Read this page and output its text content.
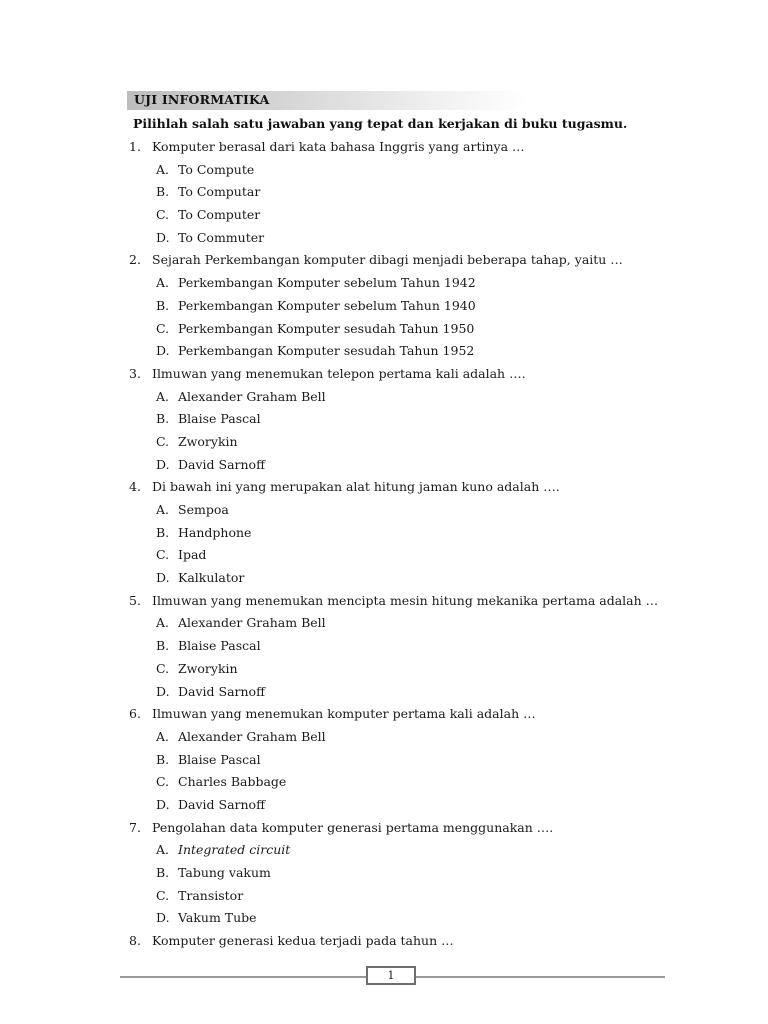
UJI INFORMATIKA
Pilihlah salah satu jawaban yang tepat dan kerjakan di buku tugasmu.
1. Komputer berasal dari kata bahasa Inggris yang artinya …
A. To Compute
B. To Computar
C. To Computer
D. To Commuter
2. Sejarah Perkembangan komputer dibagi menjadi beberapa tahap, yaitu …
A. Perkembangan Komputer sebelum Tahun 1942
B. Perkembangan Komputer sebelum Tahun 1940
C. Perkembangan Komputer sesudah Tahun 1950
D. Perkembangan Komputer sesudah Tahun 1952
3. Ilmuwan yang menemukan telepon pertama kali adalah ….
A. Alexander Graham Bell
B. Blaise Pascal
C. Zworykin
D. David Sarnoff
4. Di bawah ini yang merupakan alat hitung jaman kuno adalah ….
A. Sempoa
B. Handphone
C. Ipad
D. Kalkulator
5. Ilmuwan yang menemukan mencipta mesin hitung mekanika pertama adalah …
A. Alexander Graham Bell
B. Blaise Pascal
C. Zworykin
D. David Sarnoff
6. Ilmuwan yang menemukan komputer pertama kali adalah …
A. Alexander Graham Bell
B. Blaise Pascal
C. Charles Babbage
D. David Sarnoff
7. Pengolahan data komputer generasi pertama menggunakan ….
A. Integrated circuit
B. Tabung vakum
C. Transistor
D. Vakum Tube
8. Komputer generasi kedua terjadi pada tahun …
1
